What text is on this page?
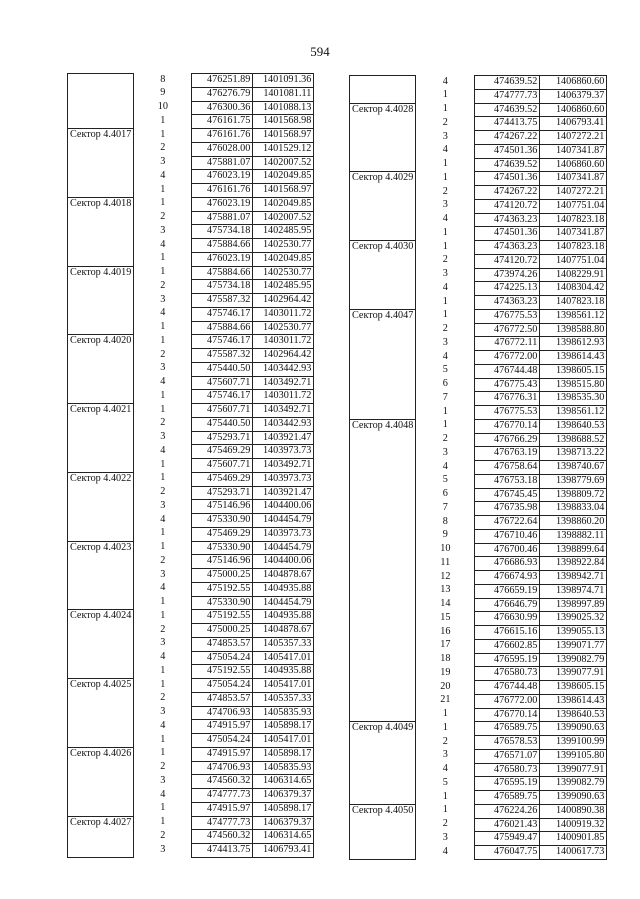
594
	8	476251.89	1401091.36
	9	476276.79	1401081.11
	10	476300.36	1401088.13
	1	476161.75	1401568.98
Сектор 4.4017	1	476161.76	1401568.97
	2	476028.00	1401529.12
	3	475881.07	1402007.52
	4	476023.19	1402049.85
	1	476161.76	1401568.97
Сектор 4.4018	1	476023.19	1402049.85
	2	475881.07	1402007.52
	3	475734.18	1402485.95
	4	475884.66	1402530.77
	1	476023.19	1402049.85
Сектор 4.4019	1	475884.66	1402530.77
	2	475734.18	1402485.95
	3	475587.32	1402964.42
	4	475746.17	1403011.72
	1	475884.66	1402530.77
Сектор 4.4020	1	475746.17	1403011.72
	2	475587.32	1402964.42
	3	475440.50	1403442.93
	4	475607.71	1403492.71
	1	475746.17	1403011.72
Сектор 4.4021	1	475607.71	1403492.71
	2	475440.50	1403442.93
	3	475293.71	1403921.47
	4	475469.29	1403973.73
	1	475607.71	1403492.71
Сектор 4.4022	1	475469.29	1403973.73
	2	475293.71	1403921.47
	3	475146.96	1404400.06
	4	475330.90	1404454.79
	1	475469.29	1403973.73
Сектор 4.4023	1	475330.90	1404454.79
	2	475146.96	1404400.06
	3	475000.25	1404878.67
	4	475192.55	1404935.88
	1	475330.90	1404454.79
Сектор 4.4024	1	475192.55	1404935.88
	2	475000.25	1404878.67
	3	474853.57	1405357.33
	4	475054.24	1405417.01
	1	475192.55	1404935.88
Сектор 4.4025	1	475054.24	1405417.01
	2	474853.57	1405357.33
	3	474706.93	1405835.93
	4	474915.97	1405898.17
	1	475054.24	1405417.01
Сектор 4.4026	1	474915.97	1405898.17
	2	474706.93	1405835.93
	3	474560.32	1406314.65
	4	474777.73	1406379.37
	1	474915.97	1405898.17
Сектор 4.4027	1	474777.73	1406379.37
	2	474560.32	1406314.65
	3	474413.75	1406793.41
	4	474639.52	1406860.60
	1	474777.73	1406379.37
Сектор 4.4028	1	474639.52	1406860.60
	2	474413.75	1406793.41
	3	474267.22	1407272.21
	4	474501.36	1407341.87
	1	474639.52	1406860.60
Сектор 4.4029	1	474501.36	1407341.87
	2	474267.22	1407272.21
	3	474120.72	1407751.04
	4	474363.23	1407823.18
	1	474501.36	1407341.87
Сектор 4.4030	1	474363.23	1407823.18
	2	474120.72	1407751.04
	3	473974.26	1408229.91
	4	474225.13	1408304.42
	1	474363.23	1407823.18
Сектор 4.4047	1	476775.53	1398561.12
	2	476772.50	1398588.80
	3	476772.11	1398612.93
	4	476772.00	1398614.43
	5	476744.48	1398605.15
	6	476775.43	1398515.80
	7	476776.31	1398535.30
	1	476775.53	1398561.12
Сектор 4.4048	1	476770.14	1398640.53
	2	476766.29	1398688.52
	3	476763.19	1398713.22
	4	476758.64	1398740.67
	5	476753.18	1398779.69
	6	476745.45	1398809.72
	7	476735.98	1398833.04
	8	476722.64	1398860.20
	9	476710.46	1398882.11
	10	476700.46	1398899.64
	11	476686.93	1398922.84
	12	476674.93	1398942.71
	13	476659.19	1398974.71
	14	476646.79	1398997.89
	15	476630.99	1399025.32
	16	476615.16	1399055.13
	17	476602.85	1399071.77
	18	476595.19	1399082.79
	19	476580.73	1399077.91
	20	476744.48	1398605.15
	21	476772.00	1398614.43
	1	476770.14	1398640.53
Сектор 4.4049	1	476589.75	1399090.63
	2	476578.53	1399100.99
	3	476571.07	1399105.80
	4	476580.73	1399077.91
	5	476595.19	1399082.79
	1	476589.75	1399090.63
Сектор 4.4050	1	476224.26	1400890.38
	2	476021.43	1400919.32
	3	475949.47	1400901.85
	4	476047.75	1400617.73
